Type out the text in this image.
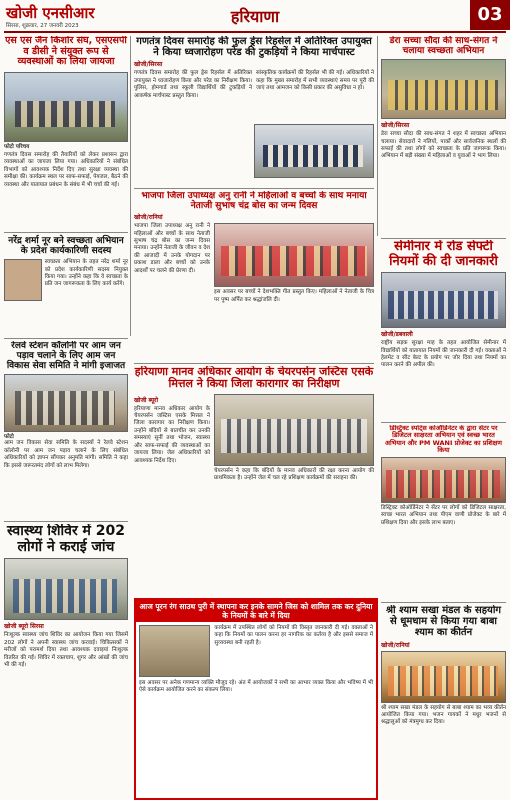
खोजी एनसीआर
सिरसा, शुक्रवार, 27 जनवरी 2023	हरियाणा	03

एस एस जैन किशोर संघ, एसएसपी व डीसी ने संयुक्त रूप से व्यवस्थाओं का लिया जायजा

फोटो परिचय

गणतंत्र दिवस समारोह की तैयारियों को लेकर प्रशासन द्वारा व्यवस्थाओं का जायजा लिया गया। अधिकारियों ने संबंधित विभागों को आवश्यक निर्देश दिए तथा सुरक्षा व्यवस्था की समीक्षा की। कार्यक्रम स्थल पर साफ-सफाई, पेयजल, बैठने की व्यवस्था और यातायात प्रबंधन के संबंध में भी चर्चा की गई।

गणतंत्र दिवस समारोह की फुल ड्रेस रिहर्सल में अतिरिक्त उपायुक्त ने किया ध्वजारोहण परेड की टुकड़ियों ने किया मार्चपास्ट

खोजी/सिरसा

गणतंत्र दिवस समारोह की फुल ड्रेस रिहर्सल में अतिरिक्त उपायुक्त ने ध्वजारोहण किया और परेड का निरीक्षण किया। पुलिस, होमगार्ड तथा स्कूली विद्यार्थियों की टुकड़ियों ने आकर्षक मार्चपास्ट प्रस्तुत किया।

सांस्कृतिक कार्यक्रमों की रिहर्सल भी की गई। अधिकारियों ने कहा कि मुख्य समारोह में सभी व्यवस्थाएं समय पर पूरी की जाएं तथा आमजन को किसी प्रकार की असुविधा न हो।

डेरा सच्चा सौदा की साध-संगत ने चलाया स्वच्छता अभियान

खोजी/सिरसा

डेरा सच्चा सौदा की साध-संगत ने शहर में स्वच्छता अभियान चलाया। सेवादारों ने गलियों, पार्कों और सार्वजनिक स्थलों की सफाई की तथा लोगों को स्वच्छता के प्रति जागरूक किया। अभियान में बड़ी संख्या में महिलाओं व युवाओं ने भाग लिया।

नरेंद्र शर्मा नूर बने स्वच्छता अभियान के प्रदेश कार्यकारिणी सदस्य

स्वच्छता अभियान के तहत नरेंद्र शर्मा नूर को प्रदेश कार्यकारिणी सदस्य नियुक्त किया गया। उन्होंने कहा कि वे स्वच्छता के प्रति जन जागरूकता के लिए कार्य करेंगे।

भाजपा जिला उपाध्यक्ष अनु रानी ने महिलाओं व बच्चों के साथ मनाया नेताजी सुभाष चंद्र बोस का जन्म दिवस

खोजी/रानियां

भाजपा जिला उपाध्यक्ष अनु रानी ने महिलाओं और बच्चों के साथ नेताजी सुभाष चंद्र बोस का जन्म दिवस मनाया। उन्होंने नेताजी के जीवन व देश की आजादी में उनके योगदान पर प्रकाश डाला और बच्चों को उनके आदर्शों पर चलने की प्रेरणा दी।

इस अवसर पर बच्चों ने देशभक्ति गीत प्रस्तुत किए। महिलाओं ने नेताजी के चित्र पर पुष्प अर्पित कर श्रद्धांजलि दी।

सेमीनार में रोड सेफ्टी नियमों की दी जानकारी

खोजी/डबवाली

राष्ट्रीय सड़क सुरक्षा माह के तहत आयोजित सेमीनार में विद्यार्थियों को यातायात नियमों की जानकारी दी गई। वक्ताओं ने हेलमेट व सीट बेल्ट के प्रयोग पर जोर दिया तथा नियमों का पालन करने की अपील की।

रेलवे स्टेशन कॉलोनी पर आम जन पड़ाव चलाने के लिए आम जन विकास सेवा समिति ने मांगी इजाजत

फोटो

आम जन विकास सेवा समिति के सदस्यों ने रेलवे स्टेशन कॉलोनी पर आम जन पड़ाव चलाने के लिए संबंधित अधिकारियों को ज्ञापन सौंपकर अनुमति मांगी। समिति ने कहा कि इससे जरूरतमंद लोगों को लाभ मिलेगा।

हरियाणा मानव अधिकार आयोग के चेयरपर्सन जस्टिस एसके मित्तल ने किया जिला कारागार का निरीक्षण

खोजी ब्यूरो

हरियाणा मानव अधिकार आयोग के चेयरपर्सन जस्टिस एसके मित्तल ने जिला कारागार का निरीक्षण किया। उन्होंने बंदियों से बातचीत कर उनकी समस्याएं सुनीं तथा भोजन, स्वास्थ्य और साफ-सफाई की व्यवस्थाओं का जायजा लिया। जेल अधिकारियों को आवश्यक निर्देश दिए।

चेयरपर्सन ने कहा कि बंदियों के मानव अधिकारों की रक्षा करना आयोग की प्राथमिकता है। उन्होंने जेल में चल रहे प्रशिक्षण कार्यक्रमों की सराहना की।

डिस्ट्रिक्ट स्पोर्ट्स कोऑर्डिनेटर के द्वारा सेंटर पर डिजिटल साक्षरता अभियान एवं स्वच्छ भारत अभियान और PM WANI प्रोजेक्ट का प्रशिक्षण किया

डिस्ट्रिक्ट कोऑर्डिनेटर ने सेंटर पर लोगों को डिजिटल साक्षरता, स्वच्छ भारत अभियान तथा पीएम वाणी प्रोजेक्ट के बारे में प्रशिक्षण दिया और इसके लाभ बताए।

स्वास्थ्य शिविर में 202 लोगों ने कराई जांच

खोजी ब्यूरो सिरसा

निःशुल्क स्वास्थ्य जांच शिविर का आयोजन किया गया जिसमें 202 लोगों ने अपनी स्वास्थ्य जांच करवाई। चिकित्सकों ने मरीजों को परामर्श दिया तथा आवश्यक दवाइयां निःशुल्क वितरित की गईं। शिविर में रक्तचाप, शुगर और आंखों की जांच भी की गई।

आज पूरन रंग साउथ पुरी में स्थापना कर इनके सामने जिस को शामिल तक कर दुनिया के नियमों के बारे में दिया

कार्यक्रम में उपस्थित लोगों को नियमों की विस्तृत जानकारी दी गई। वक्ताओं ने कहा कि नियमों का पालन करना हर नागरिक का कर्तव्य है और इससे समाज में सुव्यवस्था बनी रहती है।

इस अवसर पर अनेक गणमान्य व्यक्ति मौजूद रहे। अंत में आयोजकों ने सभी का आभार व्यक्त किया और भविष्य में भी ऐसे कार्यक्रम आयोजित करने का संकल्प लिया।

श्री श्याम सखा मंडल के सहयोग से धूमधाम से किया गया बाबा श्याम का कीर्तन

खोजी/रानियां

श्री श्याम सखा मंडल के सहयोग से बाबा श्याम का भव्य कीर्तन आयोजित किया गया। भजन गायकों ने मधुर भजनों से श्रद्धालुओं को मंत्रमुग्ध कर दिया।
